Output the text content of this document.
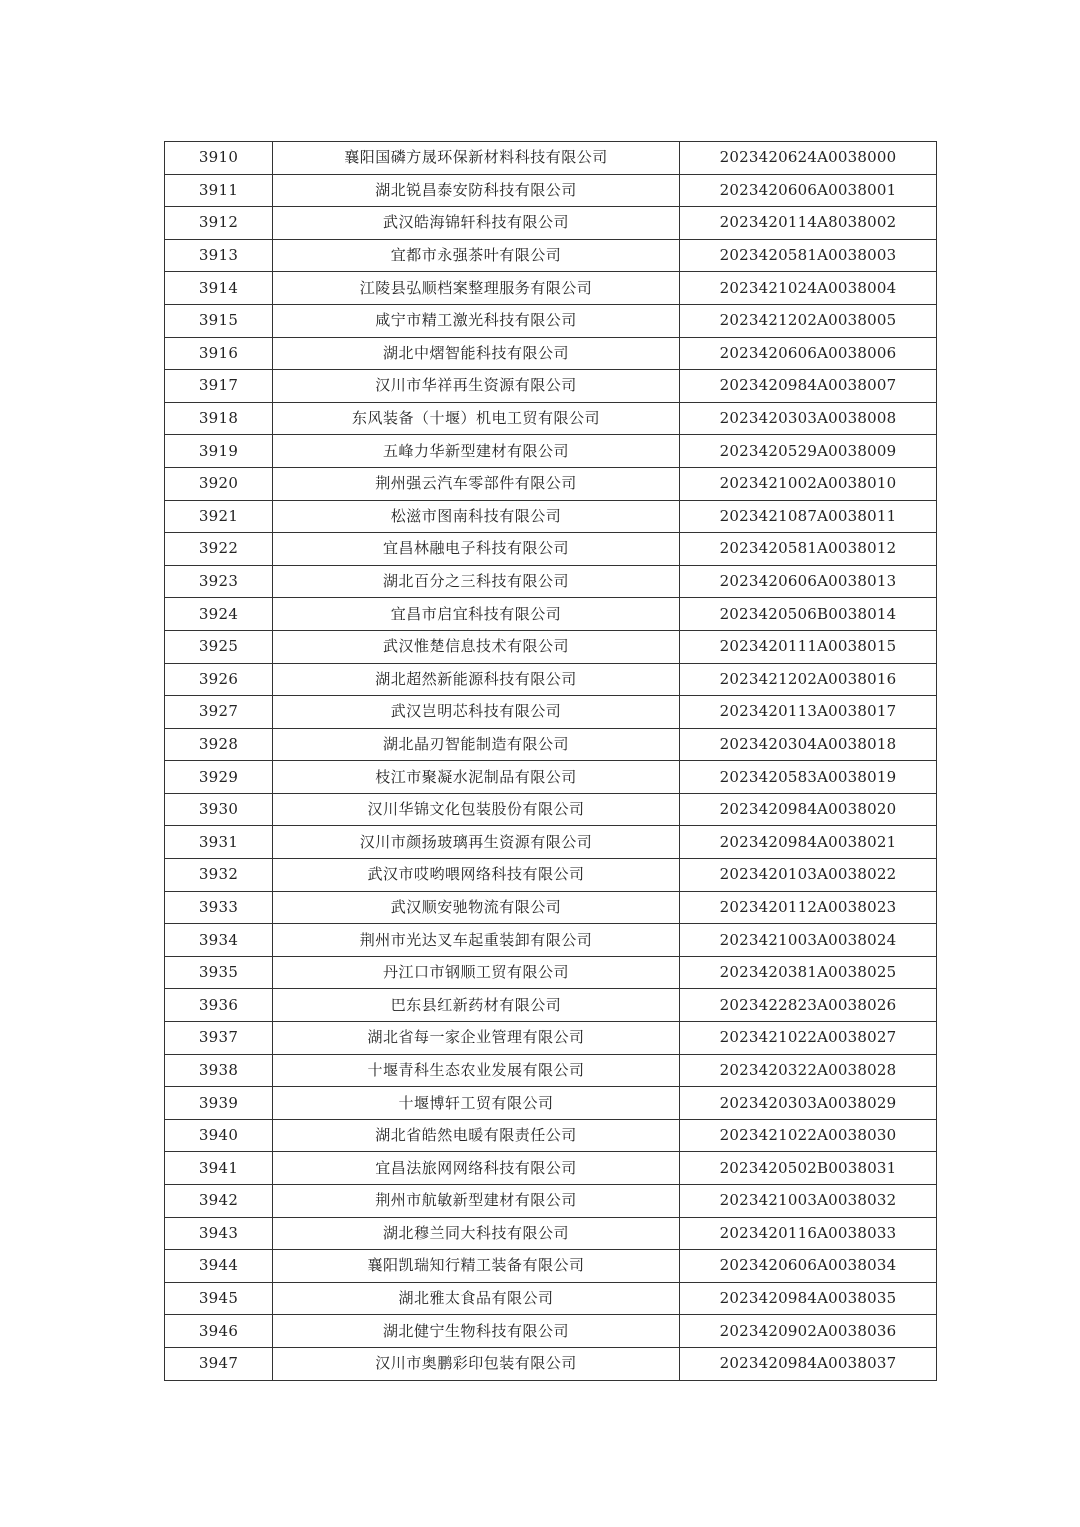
3910	襄阳国磷方晟环保新材料科技有限公司	2023420624A0038000
3911	湖北锐昌泰安防科技有限公司	2023420606A0038001
3912	武汉皓海锦轩科技有限公司	2023420114A8038002
3913	宜都市永强茶叶有限公司	2023420581A0038003
3914	江陵县弘顺档案整理服务有限公司	2023421024A0038004
3915	咸宁市精工激光科技有限公司	2023421202A0038005
3916	湖北中熠智能科技有限公司	2023420606A0038006
3917	汉川市华祥再生资源有限公司	2023420984A0038007
3918	东风装备（十堰）机电工贸有限公司	2023420303A0038008
3919	五峰力华新型建材有限公司	2023420529A0038009
3920	荆州强云汽车零部件有限公司	2023421002A0038010
3921	松滋市图南科技有限公司	2023421087A0038011
3922	宜昌林融电子科技有限公司	2023420581A0038012
3923	湖北百分之三科技有限公司	2023420606A0038013
3924	宜昌市启宜科技有限公司	2023420506B0038014
3925	武汉惟楚信息技术有限公司	2023420111A0038015
3926	湖北超然新能源科技有限公司	2023421202A0038016
3927	武汉岂明芯科技有限公司	2023420113A0038017
3928	湖北晶刃智能制造有限公司	2023420304A0038018
3929	枝江市聚凝水泥制品有限公司	2023420583A0038019
3930	汉川华锦文化包装股份有限公司	2023420984A0038020
3931	汉川市颜扬玻璃再生资源有限公司	2023420984A0038021
3932	武汉市哎哟喂网络科技有限公司	2023420103A0038022
3933	武汉顺安驰物流有限公司	2023420112A0038023
3934	荆州市光达叉车起重装卸有限公司	2023421003A0038024
3935	丹江口市钢顺工贸有限公司	2023420381A0038025
3936	巴东县红新药材有限公司	2023422823A0038026
3937	湖北省每一家企业管理有限公司	2023421022A0038027
3938	十堰青科生态农业发展有限公司	2023420322A0038028
3939	十堰博轩工贸有限公司	2023420303A0038029
3940	湖北省皓然电暖有限责任公司	2023421022A0038030
3941	宜昌法旅网网络科技有限公司	2023420502B0038031
3942	荆州市航敏新型建材有限公司	2023421003A0038032
3943	湖北穆兰同大科技有限公司	2023420116A0038033
3944	襄阳凯瑞知行精工装备有限公司	2023420606A0038034
3945	湖北雅太食品有限公司	2023420984A0038035
3946	湖北健宁生物科技有限公司	2023420902A0038036
3947	汉川市奥鹏彩印包装有限公司	2023420984A0038037
